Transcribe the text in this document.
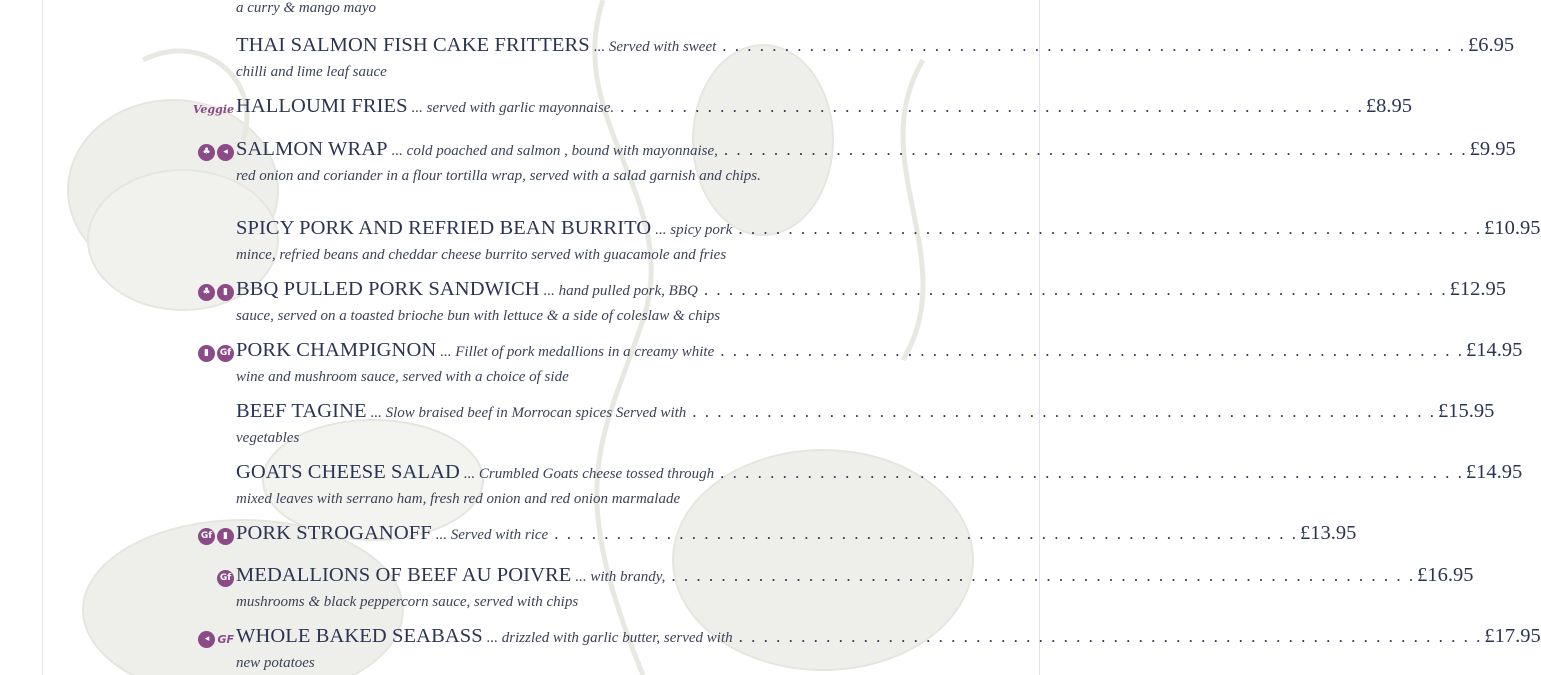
a curry & mango mayo
THAI SALMON FISH CAKE FRITTERS ... Served with sweet . . . . . . . . . . . . . . . . . . . . . . . . . . . . . . . . . . . . . . . . . . . . . . . . . . . . . . . . . . . . £6.95
chilli and lime leaf sauce
Veggie HALLOUMI FRIES ... served with garlic mayonnaise. . . . . . . . . . . . . . . . . . . . . . . . . . . . . . . . . . . . . . . . . . . . . . . . . . . . . . . . . . . . . £8.95
♣	◂ SALMON WRAP ... cold poached and salmon , bound with mayonnaise, . . . . . . . . . . . . . . . . . . . . . . . . . . . . . . . . . . . . . . . . . . . . . . . . . . . . . . . . . . . . £9.95
red onion and coriander in a flour tortilla wrap, served with a salad garnish and chips.
SPICY PORK AND REFRIED BEAN BURRITO ... spicy pork . . . . . . . . . . . . . . . . . . . . . . . . . . . . . . . . . . . . . . . . . . . . . . . . . . . . . . . . . . . . £10.95
mince, refried beans and cheddar cheese burrito served with guacamole and fries
♣	▮ BBQ PULLED PORK SANDWICH ... hand pulled pork, BBQ . . . . . . . . . . . . . . . . . . . . . . . . . . . . . . . . . . . . . . . . . . . . . . . . . . . . . . . . . . . . £12.95
sauce, served on a toasted brioche bun with lettuce & a side of coleslaw & chips
▮	Gf PORK CHAMPIGNON ... Fillet of pork medallions in a creamy white . . . . . . . . . . . . . . . . . . . . . . . . . . . . . . . . . . . . . . . . . . . . . . . . . . . . . . . . . . . . £14.95
wine and mushroom sauce, served with a choice of side
BEEF TAGINE ... Slow braised beef in Morrocan spices Served with . . . . . . . . . . . . . . . . . . . . . . . . . . . . . . . . . . . . . . . . . . . . . . . . . . . . . . . . . . . . £15.95
vegetables
GOATS CHEESE SALAD ... Crumbled Goats cheese tossed through . . . . . . . . . . . . . . . . . . . . . . . . . . . . . . . . . . . . . . . . . . . . . . . . . . . . . . . . . . . . £14.95
mixed leaves with serrano ham, fresh red onion and red onion marmalade
Gf	▮ PORK STROGANOFF ... Served with rice . . . . . . . . . . . . . . . . . . . . . . . . . . . . . . . . . . . . . . . . . . . . . . . . . . . . . . . . . . . . £13.95
Gf MEDALLIONS OF BEEF AU POIVRE ... with brandy, . . . . . . . . . . . . . . . . . . . . . . . . . . . . . . . . . . . . . . . . . . . . . . . . . . . . . . . . . . . . £16.95
mushrooms & black peppercorn sauce, served with chips
◂ GF WHOLE BAKED SEABASS ... drizzled with garlic butter, served with . . . . . . . . . . . . . . . . . . . . . . . . . . . . . . . . . . . . . . . . . . . . . . . . . . . . . . . . . . . . £17.95
new potatoes
